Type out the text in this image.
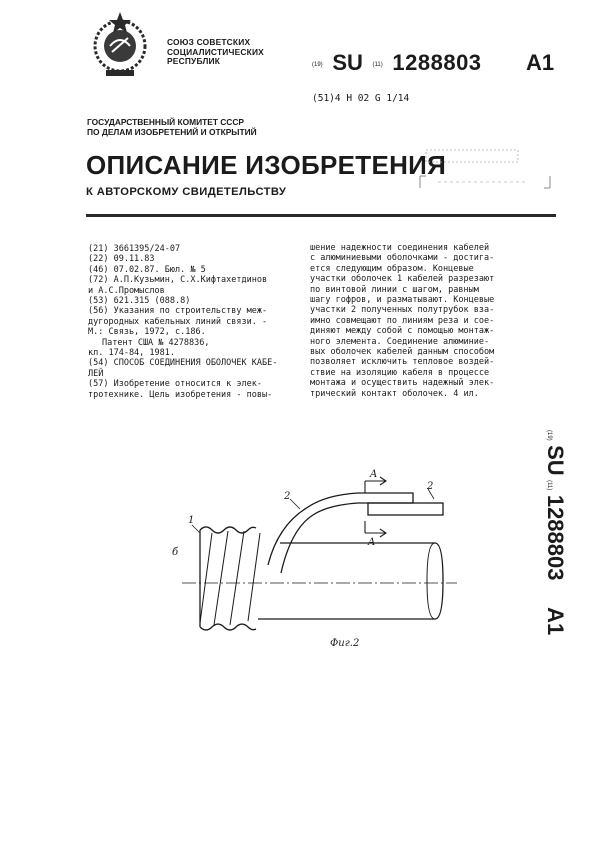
СОЮЗ СОВЕТСКИХ
СОЦИАЛИСТИЧЕСКИХ
РЕСПУБЛИК	(19) SU (11) 1288803 A1
(51)4 H 02 G 1/14
ГОСУДАРСТВЕННЫЙ КОМИТЕТ СССР
ПО ДЕЛАМ ИЗОБРЕТЕНИЙ И ОТКРЫТИЙ
ОПИСАНИЕ ИЗОБРЕТЕНИЯ
К АВТОРСКОМУ СВИДЕТЕЛЬСТВУ
(21) 3661395/24-07
(22) 09.11.83
(46) 07.02.87. Бюл. № 5
(72) А.П.Кузьмин, С.Х.Кифтахетдинов
и А.С.Промыслов
(53) 621.315 (088.8)
(56) Указания по строительству меж-
дугородных кабельных линий связи. -
М.: Связь, 1972, с.186.
Патент США № 4278836,
кл. 174-84, 1981.
(54) СПОСОБ СОЕДИНЕНИЯ ОБОЛОЧЕК КАБЕ-
ЛЕЙ
(57) Изобретение относится к элек-
тротехнике. Цель изобретения - повы-
шение надежности соединения кабелей
с алюминиевыми оболочками - достига-
ется следующим образом. Концевые
участки оболочек 1 кабелей разрезают
по винтовой линии с шагом, равным
шагу гофров, и разматывают. Концевые
участки 2 полученных полутрубок вза-
имно совмещают по линиям реза и сое-
диняют между собой с помощью монтаж-
ного элемента. Соединение алюминие-
вых оболочек кабелей данным способом
позволяет исключить тепловое воздей-
ствие на изоляцию кабеля в процессе
монтажа и осуществить надежный элек-
трический контакт оболочек. 4 ил.
(19) SU (11) 1288803      A1
1
2
2
A
A
б
Фиг.2
